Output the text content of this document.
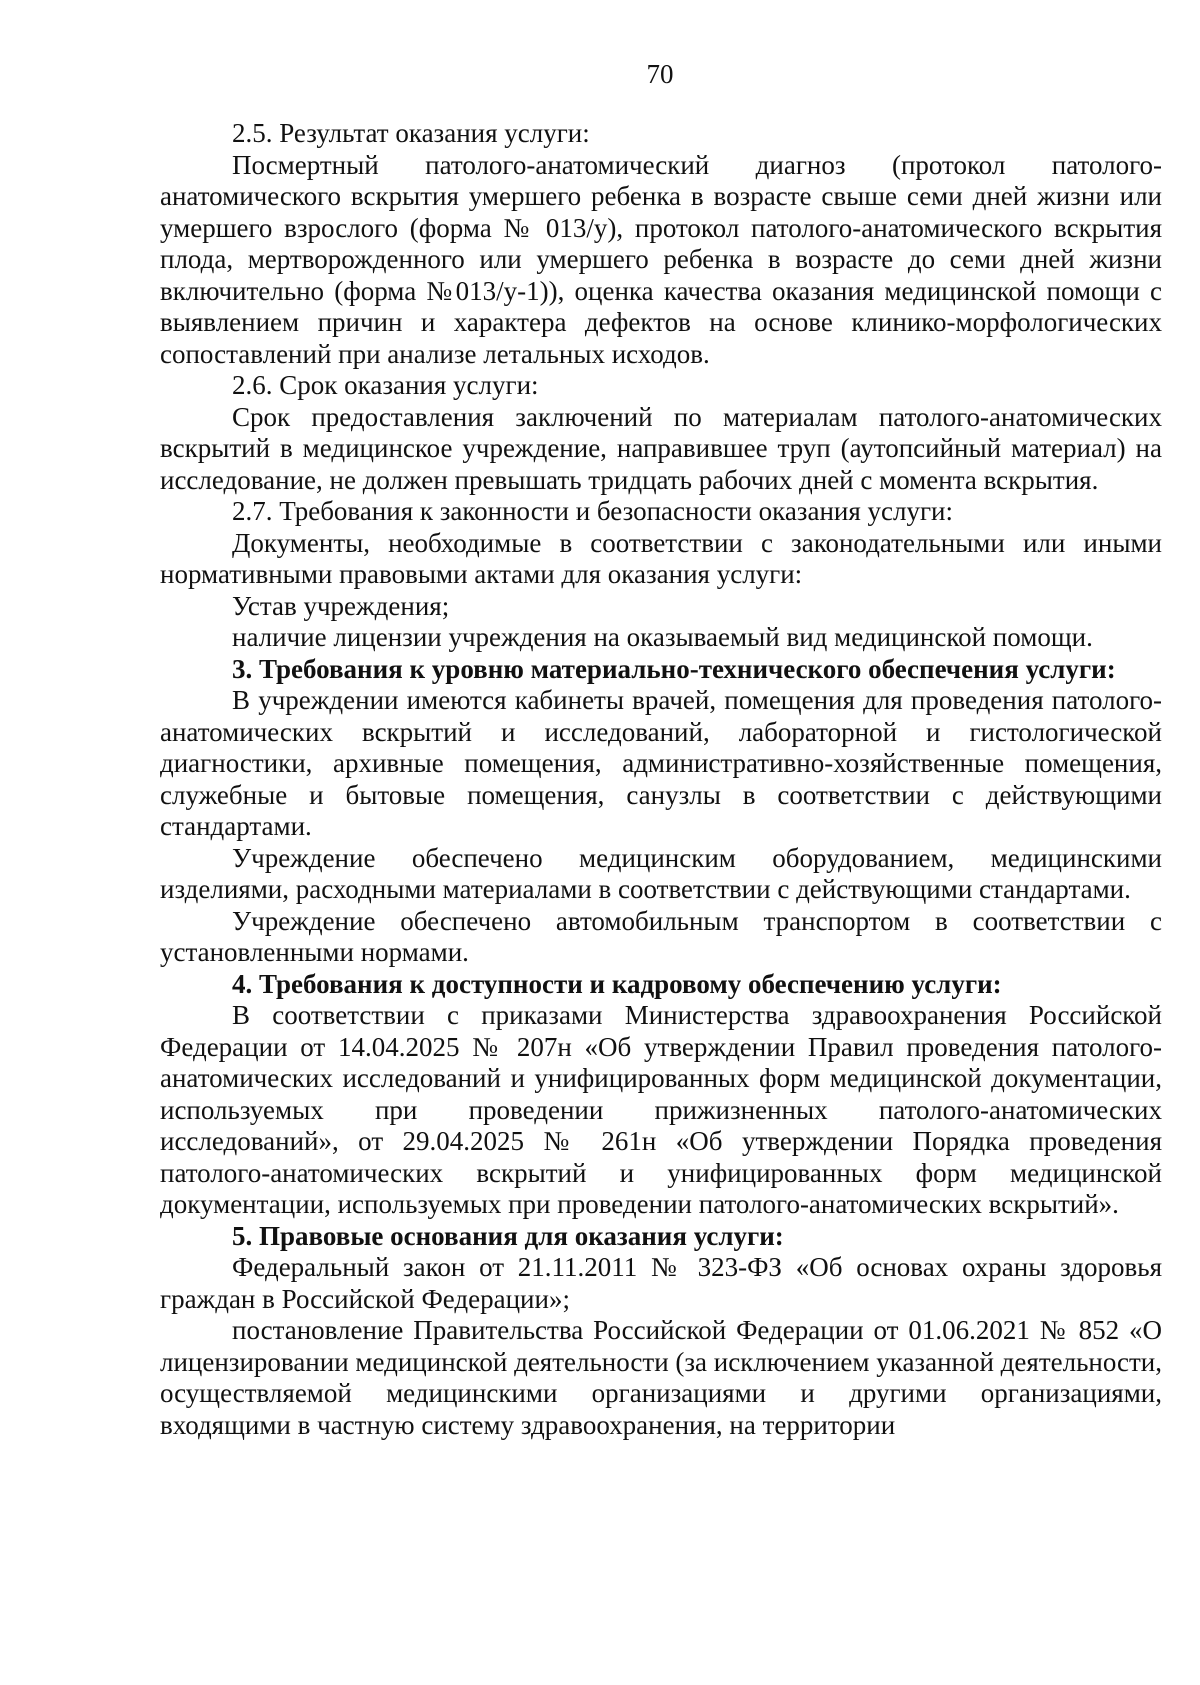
70

2.5. Результат оказания услуги:

Посмертный патолого-анатомический диагноз (протокол патолого-анатомического вскрытия умершего ребенка в возрасте свыше семи дней жизни или умершего взрослого (форма № 013/у), протокол патолого-анатомического вскрытия плода, мертворожденного или умершего ребенка в возрасте до семи дней жизни включительно (форма №013/у-1)), оценка качества оказания медицинской помощи с выявлением причин и характера дефектов на основе клинико-морфологических сопоставлений при анализе летальных исходов.

2.6. Срок оказания услуги:

Срок предоставления заключений по материалам патолого-анатомических вскрытий в медицинское учреждение, направившее труп (аутопсийный материал) на исследование, не должен превышать тридцать рабочих дней с момента вскрытия.

2.7. Требования к законности и безопасности оказания услуги:

Документы, необходимые в соответствии с законодательными или иными нормативными правовыми актами для оказания услуги:

Устав учреждения;

наличие лицензии учреждения на оказываемый вид медицинской помощи.

3. Требования к уровню материально-технического обеспечения услуги:

В учреждении имеются кабинеты врачей, помещения для проведения патолого-анатомических вскрытий и исследований, лабораторной и гистологической диагностики, архивные помещения, административно-хозяйственные помещения, служебные и бытовые помещения, санузлы в соответствии с действующими стандартами.

Учреждение обеспечено медицинским оборудованием, медицинскими изделиями, расходными материалами в соответствии с действующими стандартами.

Учреждение обеспечено автомобильным транспортом в соответствии с установленными нормами.

4. Требования к доступности и кадровому обеспечению услуги:

В соответствии с приказами Министерства здравоохранения Российской Федерации от 14.04.2025 № 207н «Об утверждении Правил проведения патолого-анатомических исследований и унифицированных форм медицинской документации, используемых при проведении прижизненных патолого-анатомических исследований», от 29.04.2025 № 261н «Об утверждении Порядка проведения патолого-анатомических вскрытий и унифицированных форм медицинской документации, используемых при проведении патолого-анатомических вскрытий».

5. Правовые основания для оказания услуги:

Федеральный закон от 21.11.2011 № 323-ФЗ «Об основах охраны здоровья граждан в Российской Федерации»;

постановление Правительства Российской Федерации от 01.06.2021 № 852 «О лицензировании медицинской деятельности (за исключением указанной деятельности, осуществляемой медицинскими организациями и другими организациями, входящими в частную систему здравоохранения, на территории
